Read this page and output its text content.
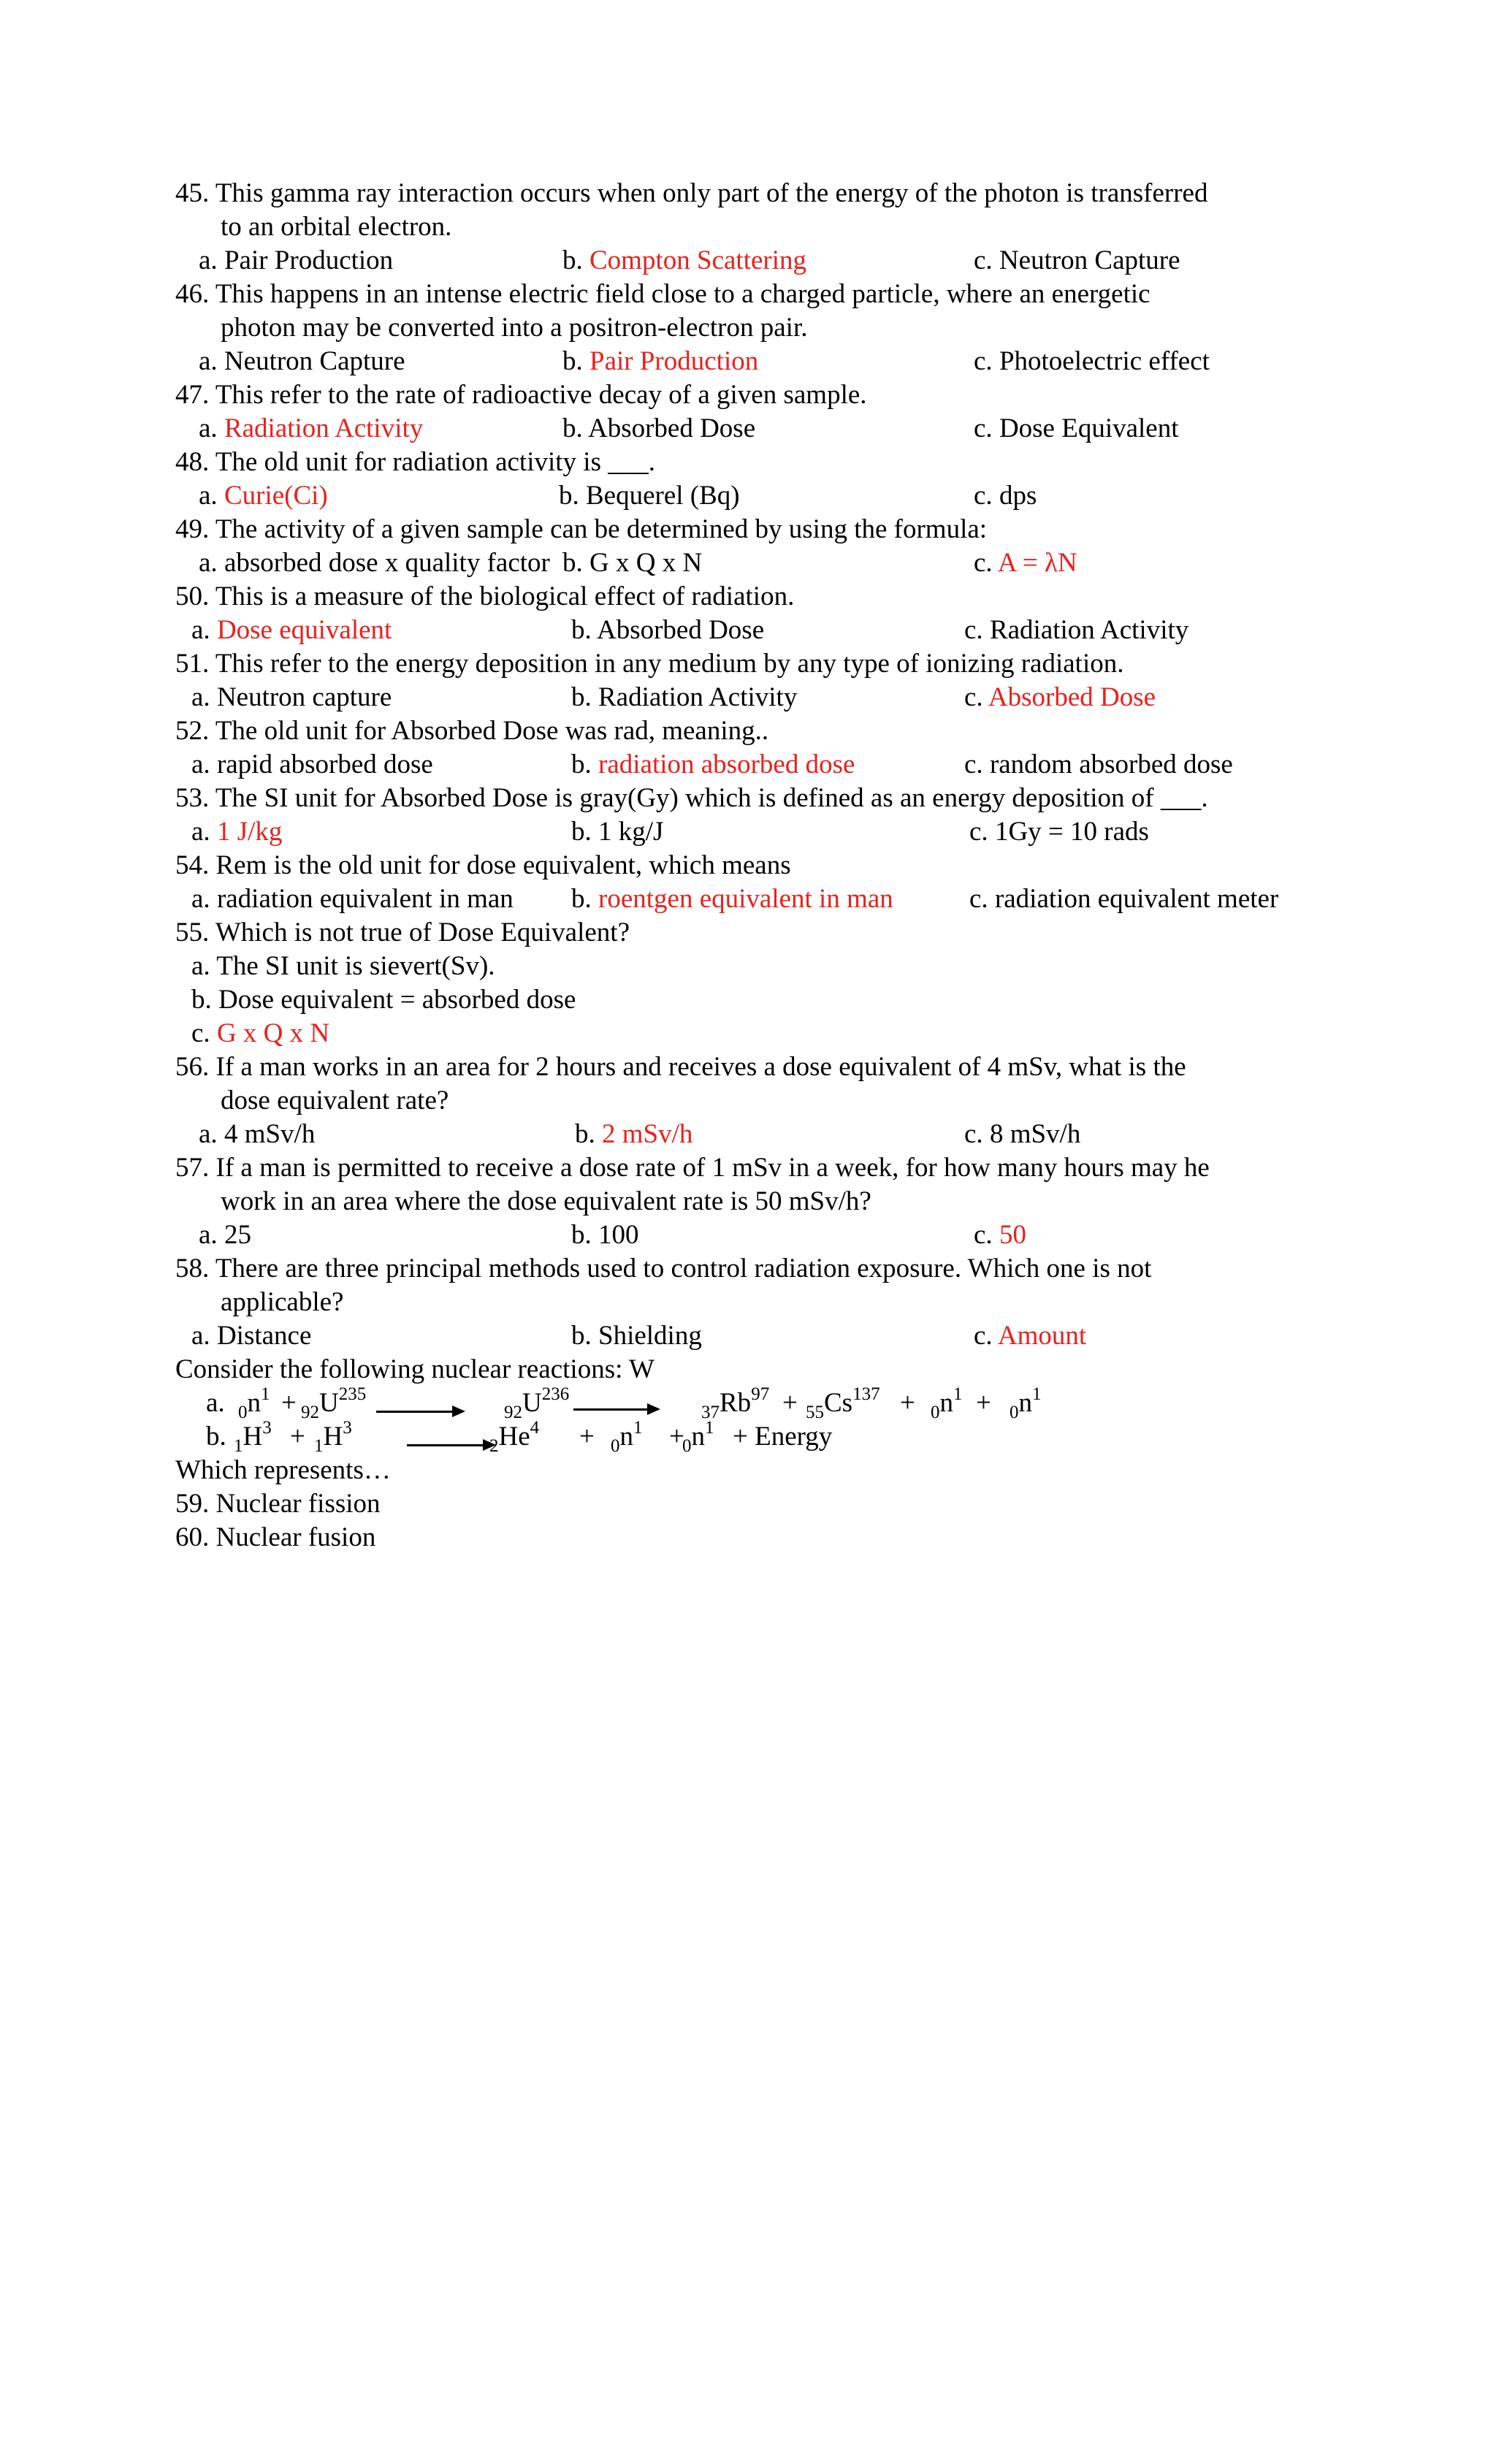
45. This gamma ray interaction occurs when only part of the energy of the photon is transferred
to an orbital electron.
a. Pair Production	b. Compton Scattering	c. Neutron Capture
46. This happens in an intense electric field close to a charged particle, where an energetic
photon may be converted into a positron-electron pair.
a. Neutron Capture	b. Pair Production	c. Photoelectric effect
47. This refer to the rate of radioactive decay of a given sample.
a. Radiation Activity	b. Absorbed Dose	c. Dose Equivalent
48. The old unit for radiation activity is ___.
a. Curie(Ci)	b. Bequerel (Bq)	c. dps
49. The activity of a given sample can be determined by using the formula:
a. absorbed dose x quality factor b. G x Q x N	c. A = λN
50. This is a measure of the biological effect of radiation.
a. Dose equivalent	b. Absorbed Dose	c. Radiation Activity
51. This refer to the energy deposition in any medium by any type of ionizing radiation.
a. Neutron capture	b. Radiation Activity	c. Absorbed Dose
52. The old unit for Absorbed Dose was rad, meaning..
a. rapid absorbed dose	b. radiation absorbed dose	c. random absorbed dose
53. The SI unit for Absorbed Dose is gray(Gy) which is defined as an energy deposition of ___.
a. 1 J/kg	b. 1 kg/J	c. 1Gy = 10 rads
54. Rem is the old unit for dose equivalent, which means
a. radiation equivalent in man b. roentgen equivalent in man	c. radiation equivalent meter
55. Which is not true of Dose Equivalent?
a. The SI unit is sievert(Sv).
b. Dose equivalent = absorbed dose
c. G x Q x N
56. If a man works in an area for 2 hours and receives a dose equivalent of 4 mSv, what is the
dose equivalent rate?
a. 4 mSv/h	b. 2 mSv/h	c. 8 mSv/h
57. If a man is permitted to receive a dose rate of 1 mSv in a week, for how many hours may he
work in an area where the dose equivalent rate is 50 mSv/h?
a. 25	b. 100	c. 50
58. There are three principal methods used to control radiation exposure. Which one is not
applicable?
a. Distance	b. Shielding	c. Amount
Consider the following nuclear reactions: W
a. $_0n^1 + _{92}U^{235}$
$_{92}U^{236}$
$_{37}Rb^{97} + _{55}Cs^{137} + _0n^1 + _0n^1$
b. $_1H^3 + _1H^3$
$_2He^4 + _0n^1$ +
$_0n^1$ + Energy
Which represents…
59. Nuclear fission
60. Nuclear fusion
